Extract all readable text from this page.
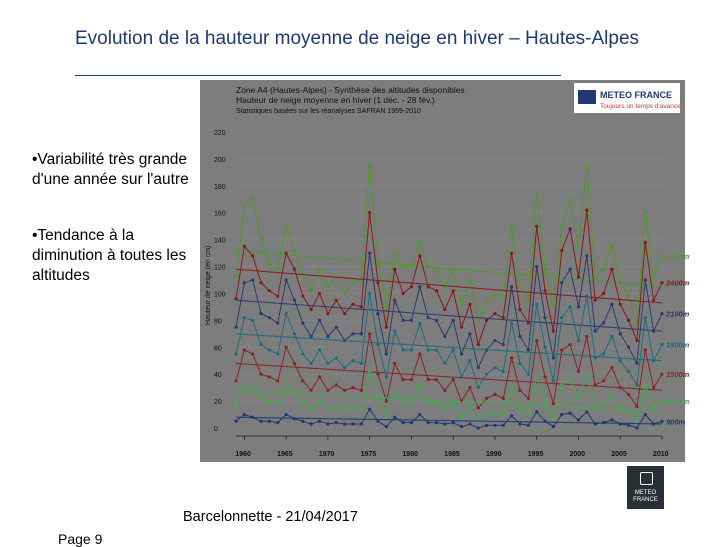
Evolution de la hauteur moyenne de neige en hiver – Hautes-Alpes
•Variabilité très grande d'une année sur l'autre
•Tendance à la diminution à toutes les altitudes
Zone A4 (Hautes-Alpes) - Synthèse des altitudes disponibles
Hauteur de neige moyenne en hiver (1 déc. - 28 fév.)
Statistiques basées sur les réanalyses SAFRAN 1959-2010
METEO FRANCE
Toujours un temps d'avance
Hauteur de neige (en cm)
0
20
40
60
80
100
120
140
160
180
200
220
1960	1965	1970	1975	1980	1985	1990	1995	2000	2005	2010
2700m
2400m
2100m
1800m
1500m
1200m
900m
Barcelonnette - 21/04/2017
Page 9
METEO
FRANCE
